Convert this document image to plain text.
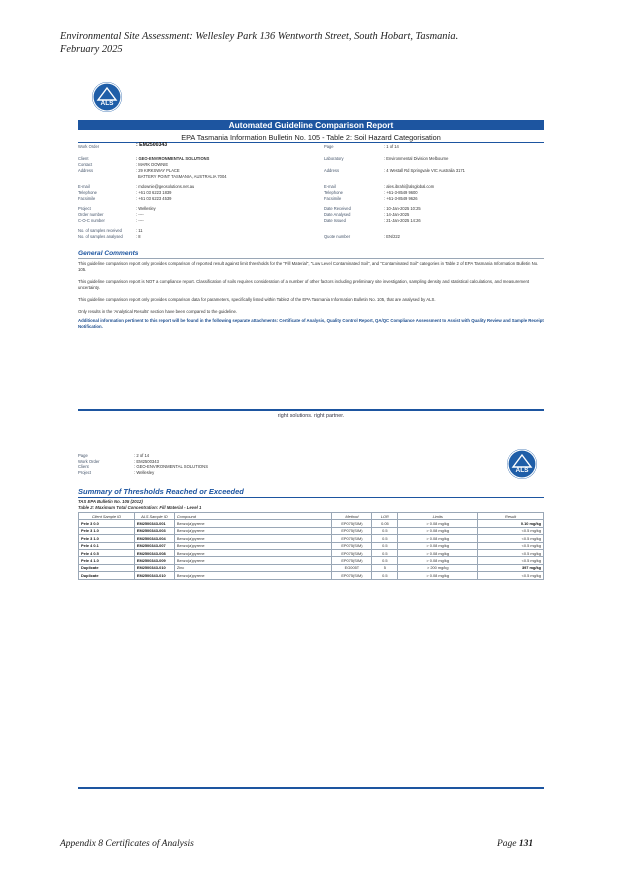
Environmental Site Assessment: Wellesley Park 136 Wentworth Street, South Hobart, Tasmania.
February 2025
ALS
Automated Guideline Comparison Report
EPA Tasmania Information Bulletin No. 105 - Table 2: Soil Hazard Categorisation
Work Order	: EM2500343
Client	: GEO-ENVIRONMENTAL SOLUTIONS
Contact	: MARK DOWNIE
Address	: 29 KIRKSWAY PLACE
BATTERY POINT TASMANIA, AUSTRALIA 7004
E-mail	: mdownie@geosolutions.net.au
Telephone	: +61 03 6223 1839
Facsimile	: +61 03 6223 4539
Project	: Wellesley
Order number	: ----
C-O-C number	: ----
No. of samples received	: 11
No. of samples analysed	: 8
Page	: 1 of 14
Laboratory	: Environmental Division Melbourne
Address	: 4 Westall Rd Springvale VIC Australia 3171
E-mail	: ales.ibrahi@alsglobal.com
Telephone	: +61-3-8549 9600
Facsimile	: +61-3-8549 9626
Date Received	: 10-Jan-2025 10:25
Date Analysed	: 14-Jan-2025
Date Issued	: 21-Jan-2025 14:26
Quote number	: EN/222
General Comments
This guideline comparison report only provides comparison of reported result against limit thresholds for the "Fill Material", "Low Level Contaminated Soil", and "Contaminated Soil" categories in Table 2 of EPA Tasmania Information Bulletin No. 105.
This guideline comparison report is NOT a compliance report. Classification of soils requires consideration of a number of other factors including preliminary site investigation, sampling density and statistical calculations, and measurement uncertainty.
This guideline comparison report only provides comparison data for parameters, specifically listed within Table2 of the EPA Tasmania Information Bulletin No. 105, that are analysed by ALS.
Only results in the 'Analytical Results' section have been compared to the guideline.
Additional information pertinent to this report will be found in the following separate attachments: Certificate of Analysis, Quality Control Report, QA/QC Compliance Assessment to Assist with Quality Review and Sample Receipt Notification.
right solutions. right partner.
Page	: 2 of 14
Work Order	: EM2500343
Client	: GEO-ENVIRONMENTAL SOLUTIONS
Project	: Wellesley	ALS
Summary of Thresholds Reached or Exceeded
TAS EPA Bulletin No. 105 (2012)
Table 2: Maximum Total Concentration: Fill Material - Level 1
Client Sample ID	ALS Sample ID	Compound	Method	LOR	Limits	Result
Pele 3 0.0	EM2500343-001	Benzo(a)pyrene	EP075(SIM)	0.05	> 0.08 mg/kg	0.10 mg/kg
Pele 3 1.0	EM2500343-003	Benzo(a)pyrene	EP075(SIM)	0.5	> 0.08 mg/kg	<0.5 mg/kg
Pele 3 1.0	EM2500343-004	Benzo(a)pyrene	EP075(SIM)	0.5	> 0.08 mg/kg	<0.5 mg/kg
Pele 4 0.1	EM2500343-007	Benzo(a)pyrene	EP075(SIM)	0.5	> 0.08 mg/kg	<0.5 mg/kg
Pele 4 0.5	EM2500343-008	Benzo(a)pyrene	EP075(SIM)	0.5	> 0.08 mg/kg	<0.5 mg/kg
Pele 4 1.0	EM2500343-009	Benzo(a)pyrene	EP075(SIM)	0.5	> 0.08 mg/kg	<0.5 mg/kg
Duplicate	EM2500343-010	Zinc	EG005T	5	> 200 mg/kg	397 mg/kg
Duplicate	EM2500343-010	Benzo(a)pyrene	EP075(SIM)	0.5	> 0.08 mg/kg	<0.5 mg/kg
Appendix 8 Certificates of Analysis	Page 131
